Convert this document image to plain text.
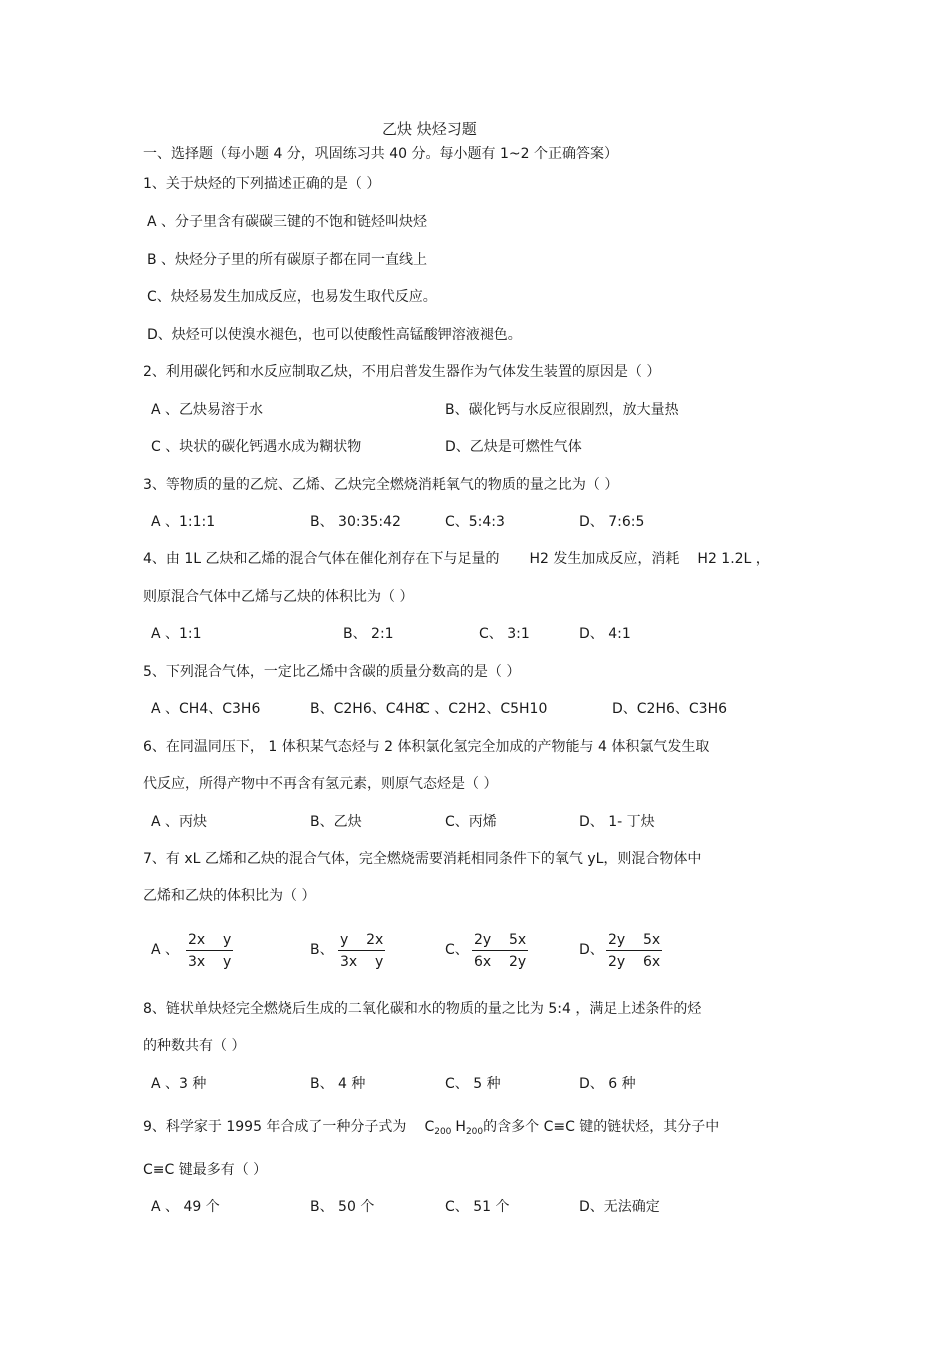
乙炔 炔烃习题
一、选择题（每小题 4 分，巩固练习共 40 分。每小题有 1~2 个正确答案）
1、关于炔烃的下列描述正确的是（ ）
A 、分子里含有碳碳三键的不饱和链烃叫炔烃
B 、炔烃分子里的所有碳原子都在同一直线上
C、炔烃易发生加成反应，也易发生取代反应。
D、炔烃可以使溴水褪色，也可以使酸性高锰酸钾溶液褪色。
2、利用碳化钙和水反应制取乙炔，不用启普发生器作为气体发生装置的原因是（ ）
A 、乙炔易溶于水	B、碳化钙与水反应很剧烈，放大量热
C 、块状的碳化钙遇水成为糊状物	D、乙炔是可燃性气体
3、等物质的量的乙烷、乙烯、乙炔完全燃烧消耗氧气的物质的量之比为（ ）
A 、1:1:1	B、 30:35:42	C、5:4:3	D、 7:6:5
4、由 1L 乙炔和乙烯的混合气体在催化剂存在下与足量的 H2 发生加成反应，消耗 H2 1.2L ，
则原混合气体中乙烯与乙炔的体积比为（ ）
A 、1:1	B、 2:1	C、 3:1	D、 4:1
5、下列混合气体，一定比乙烯中含碳的质量分数高的是（ ）
A 、CH4、C3H6	B、C2H6、C4H8
C 、C2H2、C5H10	D、C2H6、C3H6
6、在同温同压下， 1 体积某气态烃与 2 体积氯化氢完全加成的产物能与 4 体积氯气发生取
代反应，所得产物中不再含有氢元素，则原气态烃是（ ）
A 、丙炔	B、乙炔	C、丙烯	D、 1- 丁炔
7、有 xL 乙烯和乙炔的混合气体，完全燃烧需要消耗相同条件下的氧气 yL，则混合物体中
乙烯和乙炔的体积比为（ ）
A 、 $\frac{\text{2x    y}}{\text{3x    y}}$	B、 $\frac{y 2x}{\text{3x    y}}$	C、 $\frac{2y 5x}{6x 2y}$	D、 $\frac{2y 5x}{2y 6x}$
8、链状单炔烃完全燃烧后生成的二氧化碳和水的物质的量之比为 5:4 ，满足上述条件的烃
的种数共有（ ）
A 、3 种	B、 4 种	C、 5 种	D、 6 种
9、科学家于 1995 年合成了一种分子式为 $C_{200}$ $H_{200}$的含多个 C≡C 键的链状烃，其分子中
C≡C 键最多有（ ）
A 、 49 个	B、 50 个	C、 51 个	D、无法确定
